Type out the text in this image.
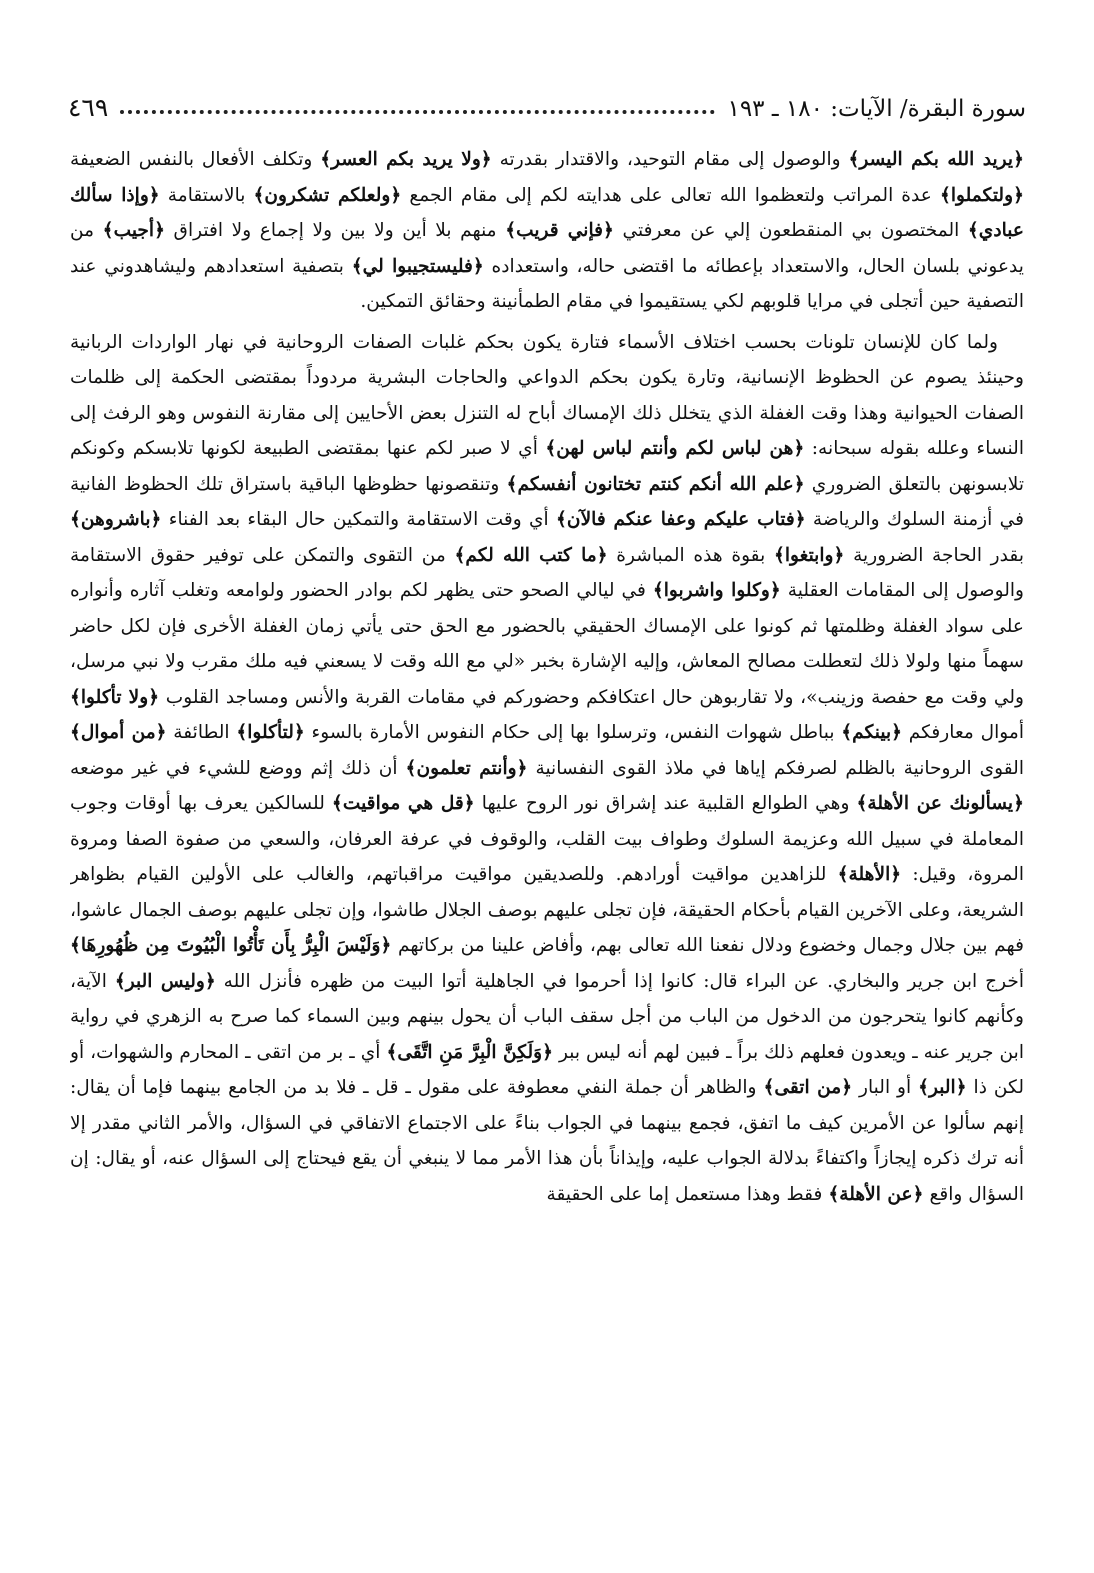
سورة البقرة/ الآيات: ١٨٠ ـ ١٩٣
٤٦٩

﴿يريد الله بكم اليسر﴾ والوصول إلى مقام التوحيد، والاقتدار بقدرته ﴿ولا يريد بكم العسر﴾ وتكلف الأفعال بالنفس الضعيفة ﴿ولتكملوا﴾ عدة المراتب ولتعظموا الله تعالى على هدايته لكم إلى مقام الجمع ﴿ولعلكم تشكرون﴾ بالاستقامة ﴿وإذا سألك عبادي﴾ المختصون بي المنقطعون إلي عن معرفتي ﴿فإني قريب﴾ منهم بلا أين ولا بين ولا إجماع ولا افتراق ﴿أجيب﴾ من يدعوني بلسان الحال، والاستعداد بإعطائه ما اقتضى حاله، واستعداده ﴿فليستجيبوا لي﴾ بتصفية استعدادهم وليشاهدوني عند التصفية حين أتجلى في مرايا قلوبهم لكي يستقيموا في مقام الطمأنينة وحقائق التمكين.

ولما كان للإنسان تلونات بحسب اختلاف الأسماء فتارة يكون بحكم غلبات الصفات الروحانية في نهار الواردات الربانية وحينئذ يصوم عن الحظوظ الإنسانية، وتارة يكون بحكم الدواعي والحاجات البشرية مردوداً بمقتضى الحكمة إلى ظلمات الصفات الحيوانية وهذا وقت الغفلة الذي يتخلل ذلك الإمساك أباح له التنزل بعض الأحايين إلى مقارنة النفوس وهو الرفث إلى النساء وعلله بقوله سبحانه: ﴿هن لباس لكم وأنتم لباس لهن﴾ أي لا صبر لكم عنها بمقتضى الطبيعة لكونها تلابسكم وكونكم تلابسونهن بالتعلق الضروري ﴿علم الله أنكم كنتم تختانون أنفسكم﴾ وتنقصونها حظوظها الباقية باستراق تلك الحظوظ الفانية في أزمنة السلوك والرياضة ﴿فتاب عليكم وعفا عنكم فالآن﴾ أي وقت الاستقامة والتمكين حال البقاء بعد الفناء ﴿باشروهن﴾ بقدر الحاجة الضرورية ﴿وابتغوا﴾ بقوة هذه المباشرة ﴿ما كتب الله لكم﴾ من التقوى والتمكن على توفير حقوق الاستقامة والوصول إلى المقامات العقلية ﴿وكلوا واشربوا﴾ في ليالي الصحو حتى يظهر لكم بوادر الحضور ولوامعه وتغلب آثاره وأنواره على سواد الغفلة وظلمتها ثم كونوا على الإمساك الحقيقي بالحضور مع الحق حتى يأتي زمان الغفلة الأخرى فإن لكل حاضر سهماً منها ولولا ذلك لتعطلت مصالح المعاش، وإليه الإشارة بخبر «لي مع الله وقت لا يسعني فيه ملك مقرب ولا نبي مرسل، ولي وقت مع حفصة وزينب»، ولا تقاربوهن حال اعتكافكم وحضوركم في مقامات القربة والأنس ومساجد القلوب ﴿ولا تأكلوا﴾ أموال معارفكم ﴿بينكم﴾ بباطل شهوات النفس، وترسلوا بها إلى حكام النفوس الأمارة بالسوء ﴿لتأكلوا﴾ الطائفة ﴿من أموال﴾ القوى الروحانية بالظلم لصرفكم إياها في ملاذ القوى النفسانية ﴿وأنتم تعلمون﴾ أن ذلك إثم ووضع للشيء في غير موضعه ﴿يسألونك عن الأهلة﴾ وهي الطوالع القلبية عند إشراق نور الروح عليها ﴿قل هي مواقيت﴾ للسالكين يعرف بها أوقات وجوب المعاملة في سبيل الله وعزيمة السلوك وطواف بيت القلب، والوقوف في عرفة العرفان، والسعي من صفوة الصفا ومروة المروة، وقيل: ﴿الأهلة﴾ للزاهدين مواقيت أورادهم. وللصديقين مواقيت مراقباتهم، والغالب على الأولين القيام بظواهر الشريعة، وعلى الآخرين القيام بأحكام الحقيقة، فإن تجلى عليهم بوصف الجلال طاشوا، وإن تجلى عليهم بوصف الجمال عاشوا، فهم بين جلال وجمال وخضوع ودلال نفعنا الله تعالى بهم، وأفاض علينا من بركاتهم ﴿وَلَيْسَ الْبِرُّ بِأَن تَأْتُوا الْبُيُوتَ مِن ظُهُورِهَا﴾ أخرج ابن جرير والبخاري. عن البراء قال: كانوا إذا أحرموا في الجاهلية أتوا البيت من ظهره فأنزل الله ﴿وليس البر﴾ الآية، وكأنهم كانوا يتحرجون من الدخول من الباب من أجل سقف الباب أن يحول بينهم وبين السماء كما صرح به الزهري في رواية ابن جرير عنه ـ ويعدون فعلهم ذلك براً ـ فبين لهم أنه ليس ببر ﴿وَلَكِنَّ الْبِرَّ مَنِ اتَّقَى﴾ أي ـ بر من اتقى ـ المحارم والشهوات، أو لكن ذا ﴿البر﴾ أو البار ﴿من اتقى﴾ والظاهر أن جملة النفي معطوفة على مقول ـ قل ـ فلا بد من الجامع بينهما فإما أن يقال: إنهم سألوا عن الأمرين كيف ما اتفق، فجمع بينهما في الجواب بناءً على الاجتماع الاتفاقي في السؤال، والأمر الثاني مقدر إلا أنه ترك ذكره إيجازاً واكتفاءً بدلالة الجواب عليه، وإيذاناً بأن هذا الأمر مما لا ينبغي أن يقع فيحتاج إلى السؤال عنه، أو يقال: إن السؤال واقع ﴿عن الأهلة﴾ فقط وهذا مستعمل إما على الحقيقة
